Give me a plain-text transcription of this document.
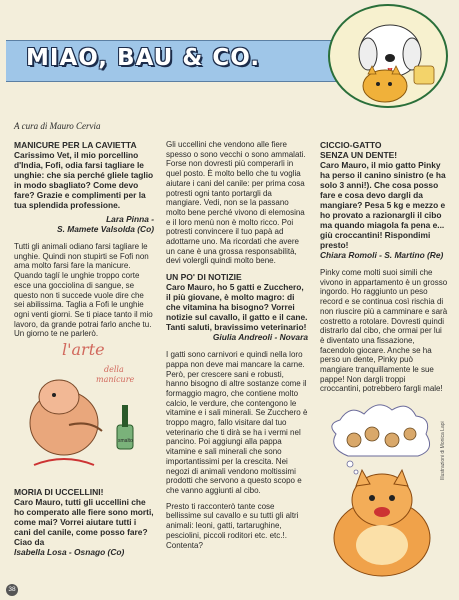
MIAO, BAU & CO.
A cura di Mauro Cervia
MANICURE PER LA CAVIETTA
Carissimo Vet, il mio porcellino d'India, Fofi, odia farsi tagliare le unghie: che sia perché gliele taglio in modo sbagliato? Come devo fare? Grazie e complimenti per la tua splendida professione.
Lara Pinna -
S. Mamete Valsolda (Co)

Tutti gli animali odiano farsi tagliare le unghie. Quindi non stupirti se Fofi non ama molto farsi fare la manicure. Quando taglí le unghie troppo corte esce una gocciolina di sangue, se questo non ti succede vuole dire che sei abilissima. Taglia a Fofi le unghie ogni venti giorni. Se ti piace tanto il mio lavoro, da grande potrai farlo anche tu. Un giorno te ne parlerò.

l'arte
della
manicure
smalto
MORIA DI UCCELLINI!
Caro Mauro, tutti gli uccellini che ho comperato alle fiere sono morti, come mai? Vorrei aiutare tutti i cani del canile, come posso fare? Ciao da
Isabella Losa - Osnago (Co)

Gli uccellini che vendono alle fiere spesso o sono vecchi o sono ammalati. Forse non dovresti più comperarli in quel posto. È molto bello che tu voglia aiutare i cani del canile: per prima cosa potresti ogni tanto portargli da mangiare. Vedi, non se la passano molto bene perché vivono di elemosina e il loro menù non è molto ricco. Poi potresti convincere il tuo papà ad adottarne uno. Ma ricordati che avere un cane è una grossa responsabilità, devi volergli quindi molto bene.

UN PO' DI NOTIZIE
Caro Mauro, ho 5 gatti e Zucchero, il più giovane, è molto magro: di che vitamina ha bisogno? Vorrei notizie sul cavallo, il gatto e il cane. Tanti saluti, bravissimo veterinario!
Giulia Andreoli - Novara

I gatti sono carnivori e quindi nella loro pappa non deve mai mancare la carne. Però, per crescere sani e robusti, hanno bisogno di altre sostanze come il formaggio magro, che contiene molto calcio, le verdure, che contengono le vitamine e i sali minerali. Se Zucchero è troppo magro, fallo visitare dal tuo veterinario che ti dirà se ha i vermi nel pancino. Poi aggiungi alla pappa vitamine e sali minerali che sono importantissimi per la crescita. Nei negozi di animali vendono moltissimi prodotti che servono a questo scopo e che vanno aggiunti al cibo.

Presto ti racconterò tante cose bellissime sul cavallo e su tutti gli altri animali: leoni, gatti, tartarughine, pesciolini, piccoli roditori etc. etc.!. Contenta?

CICCIO-GATTO
SENZA UN DENTE!
Caro Mauro, il mio gatto Pinky ha perso il canino sinistro (e ha solo 3 anni!). Che cosa posso fare e cosa devo dargli da mangiare? Pesa 5 kg e mezzo e ho provato a razionargli il cibo ma quando miagola fa pena e... giù croccantini! Rispondimi presto!
Chiara Romoli - S. Martino (Re)

Pinky come molti suoi simili che vivono in appartamento è un grosso ingordo. Ho raggiunto un peso record e se continua così rischia di non riuscire più a camminare e sarà costretto a rotolare. Dovresti quindi distrarlo dal cibo, che ormai per lui è diventato una fissazione, facendolo giocare. Anche se ha perso un dente, Pinky può mangiare tranquillamente le sue pappe! Non dargli troppi croccantini, potrebbero fargli male!

38
Illustrazioni di Monica Lapi
